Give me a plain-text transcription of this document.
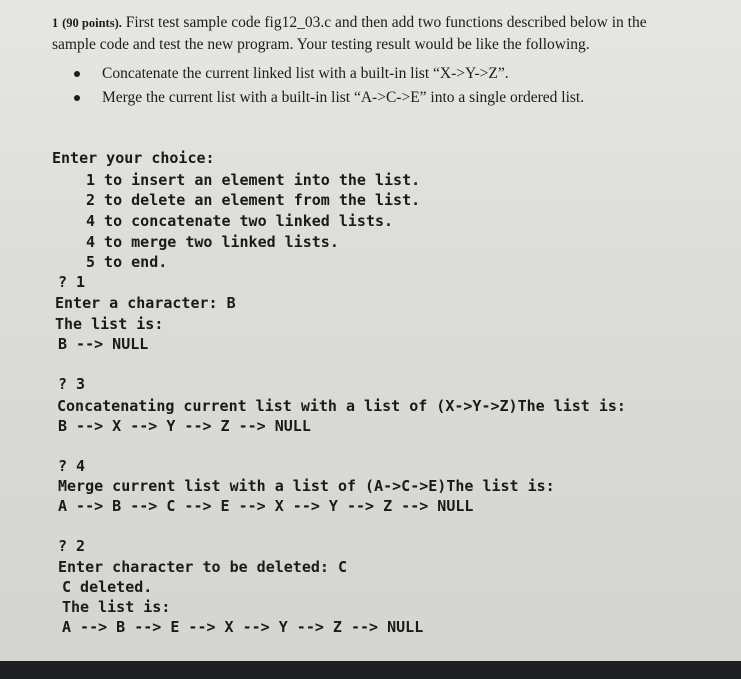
1 (90 points). First test sample code fig12_03.c and then add two functions described below in the sample code and test the new program. Your testing result would be like the following.
Concatenate the current linked list with a built-in list “X->Y->Z”.
Merge the current list with a built-in list “A->C->E” into a single ordered list.

Enter your choice:

1 to insert an element into the list.

2 to delete an element from the list.

4 to concatenate two linked lists.

4 to merge two linked lists.

5 to end.

? 1

Enter a character: B

The list is:

B --> NULL

? 3

Concatenating current list with a list of (X->Y->Z)The list is:

B --> X --> Y --> Z --> NULL

? 4

Merge current list with a list of (A->C->E)The list is:

A --> B --> C --> E --> X --> Y --> Z --> NULL

? 2

Enter character to be deleted: C

C deleted.

The list is:

A --> B --> E --> X --> Y --> Z --> NULL
